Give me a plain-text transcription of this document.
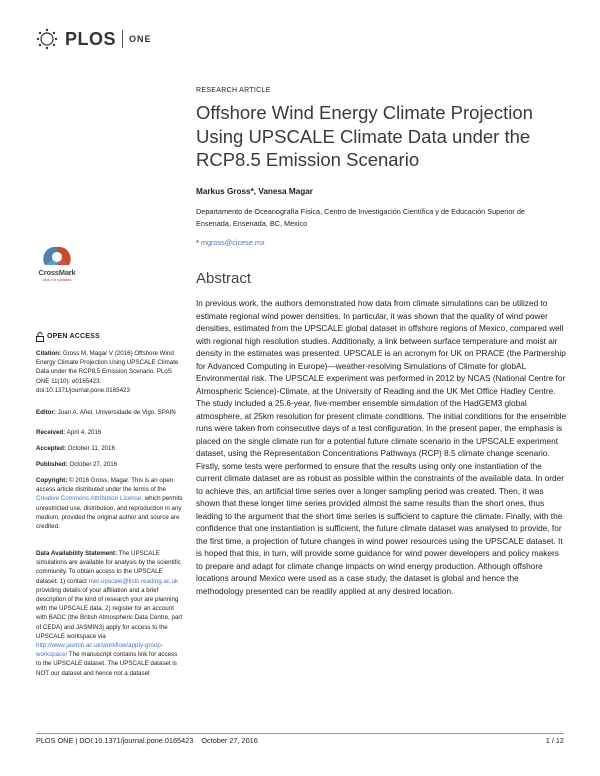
PLOS ONE
RESEARCH ARTICLE
Offshore Wind Energy Climate Projection Using UPSCALE Climate Data under the RCP8.5 Emission Scenario
Markus Gross*, Vanesa Magar
Departamento de Oceanografía Física, Centro de Investigación Científica y de Educación Superior de Ensenada, Ensenada, BC, Mexico
* mgross@cicese.mx
Abstract
In previous work, the authors demonstrated how data from climate simulations can be utilized to estimate regional wind power densities. In particular, it was shown that the quality of wind power densities, estimated from the UPSCALE global dataset in offshore regions of Mexico, compared well with regional high resolution studies. Additionally, a link between surface temperature and moist air density in the estimates was presented. UPSCALE is an acronym for UK on PRACE (the Partnership for Advanced Computing in Europe)—weather-resolving Simulations of Climate for globAL Environmental risk. The UPSCALE experiment was performed in 2012 by NCAS (National Centre for Atmospheric Science)-Climate, at the University of Reading and the UK Met Office Hadley Centre. The study included a 25.6-year, five-member ensemble simulation of the HadGEM3 global atmosphere, at 25km resolution for present climate conditions. The initial conditions for the ensemble runs were taken from consecutive days of a test configuration. In the present paper, the emphasis is placed on the single climate run for a potential future climate scenario in the UPSCALE experiment dataset, using the Representation Concentrations Pathways (RCP) 8.5 climate change scenario. Firstly, some tests were performed to ensure that the results using only one instantiation of the current climate dataset are as robust as possible within the constraints of the available data. In order to achieve this, an artificial time series over a longer sampling period was created. Then, it was shown that these longer time series provided almost the same results than the short ones, thus leading to the argument that the short time series is sufficient to capture the climate. Finally, with the confidence that one instantiation is sufficient, the future climate dataset was analysed to provide, for the first time, a projection of future changes in wind power resources using the UPSCALE dataset. It is hoped that this, in turn, will provide some guidance for wind power developers and policy makers to prepare and adapt for climate change impacts on wind energy production. Although offshore locations around Mexico were used as a case study, the dataset is global and hence the methodology presented can be readily applied at any desired location.
CrossMark
click for updates
OPEN ACCESS
Citation: Gross M, Magar V (2016) Offshore Wind Energy Climate Projection Using UPSCALE Climate Data under the RCP8.5 Emission Scenario. PLoS ONE 11(10): e0165423. doi:10.1371/journal.pone.0165423
Editor: Juan A. Añel, Universidade de Vigo, SPAIN
Received: April 4, 2016
Accepted: October 11, 2016
Published: October 27, 2016
Copyright: © 2016 Gross, Magar. This is an open access article distributed under the terms of the Creative Commons Attribution License, which permits unrestricted use, distribution, and reproduction in any medium, provided the original author and source are credited.
Data Availability Statement: The UPSCALE simulations are available for analysis by the scientific community. To obtain access to the UPSCALE dataset: 1) contact met-upscale@lists.reading.ac.uk providing details of your affiliation and a brief description of the kind of research your are planning with the UPSCALE data. 2) register for an account with BADC (the British Atmospheric Data Centre, part of CEDA) and JASMIN3) apply for access to the UPSCALE workspace via http://www.jasmin.ac.uk/workflow/apply-group-workspace/ The manuscript contains link for access to the UPSCALE dataset. The UPSCALE dataset is NOT our dataset and hence not a dataset
PLOS ONE | DOI:10.1371/journal.pone.0165423    October 27, 2016	1 / 12
